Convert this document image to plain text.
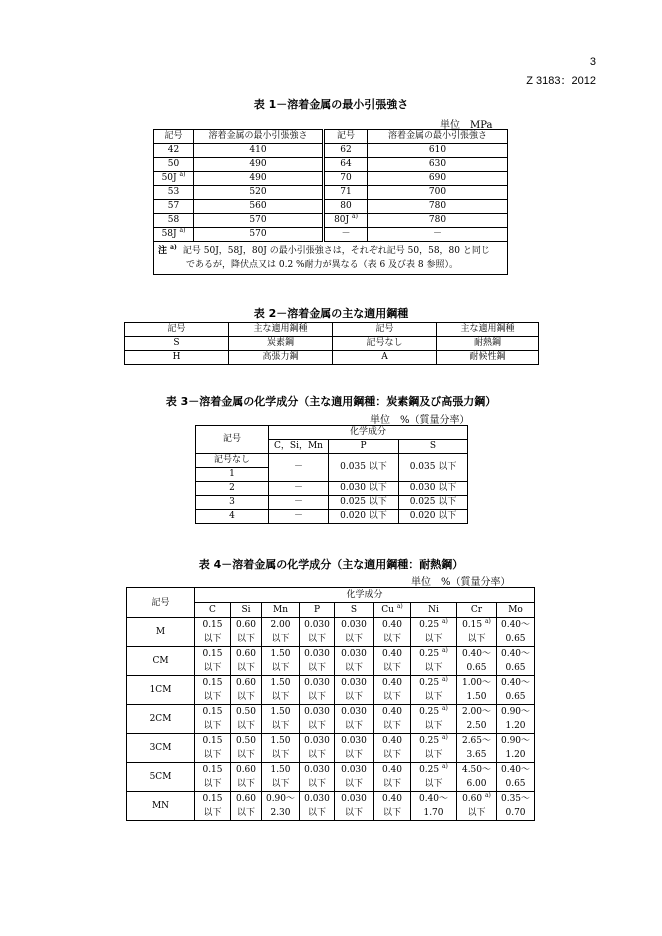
3
Z 3183：2012
表 1－溶着金属の最小引張強さ
単位　MPa
記号	溶着金属の最小引張強さ	記号	溶着金属の最小引張強さ
42	410	62	610
50	490	64	630
50J $^{a)}$	490	70	690
53	520	71	700
57	560	80	780
58	570	80J $^{a)}$	780
58J $^{a)}$	570	－	－

注 $^{a)}$ 記号 50J，58J，80J の最小引張強さは，それぞれ記号 50，58，80 と同じ
であるが，降伏点又は 0.2 %耐力が異なる（表 6 及び表 8 参照）。			
表 2－溶着金属の主な適用鋼種
記号	主な適用鋼種	記号	主な適用鋼種
S	炭素鋼	記号なし	耐熱鋼
H	高張力鋼	A	耐候性鋼
表 3－溶着金属の化学成分（主な適用鋼種：炭素鋼及び高張力鋼）
単位　%（質量分率）
記号	化学成分		
	C，Si，Mn	P	S
記号なし	－	0.035 以下	0.035 以下
1			
2	－	0.030 以下	0.030 以下
3	－	0.025 以下	0.025 以下
4	－	0.020 以下	0.020 以下
表 4－溶着金属の化学成分（主な適用鋼種：耐熱鋼）
単位　%（質量分率）
記号	化学成分								
	C	Si	Mn	P	S	Cu $^{a)}$	Ni	Cr	Mo
M	0.15	0.60	2.00	0.030	0.030	0.40	0.25 $^{a)}$	0.15 $^{a)}$	0.40～
	以下	以下	以下	以下	以下	以下	以下	以下	0.65
CM	0.15	0.60	1.50	0.030	0.030	0.40	0.25 $^{a)}$	0.40～	0.40～
	以下	以下	以下	以下	以下	以下	以下	0.65	0.65
1CM	0.15	0.60	1.50	0.030	0.030	0.40	0.25 $^{a)}$	1.00～	0.40～
	以下	以下	以下	以下	以下	以下	以下	1.50	0.65
2CM	0.15	0.50	1.50	0.030	0.030	0.40	0.25 $^{a)}$	2.00～	0.90～
	以下	以下	以下	以下	以下	以下	以下	2.50	1.20
3CM	0.15	0.50	1.50	0.030	0.030	0.40	0.25 $^{a)}$	2.65～	0.90～
	以下	以下	以下	以下	以下	以下	以下	3.65	1.20
5CM	0.15	0.60	1.50	0.030	0.030	0.40	0.25 $^{a)}$	4.50～	0.40～
	以下	以下	以下	以下	以下	以下	以下	6.00	0.65
MN	0.15	0.60	0.90～	0.030	0.030	0.40	0.40～	0.60 $^{a)}$	0.35～
	以下	以下	2.30	以下	以下	以下	1.70	以下	0.70
